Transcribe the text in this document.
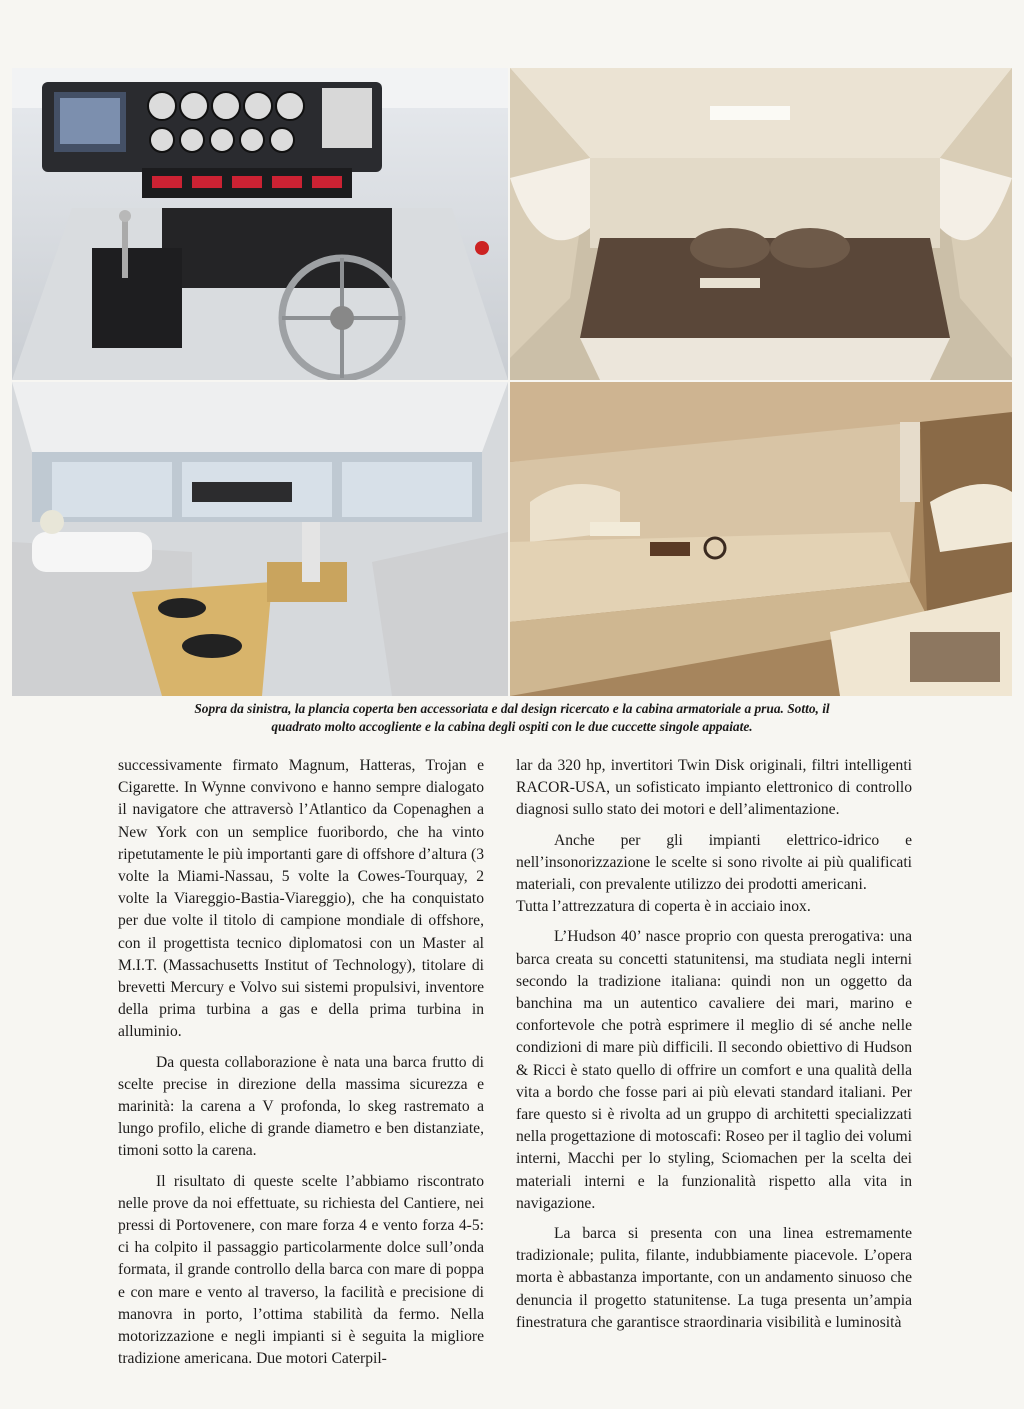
Sopra da sinistra, la plancia coperta ben accessoriata e dal design ricercato e la cabina armatoriale a prua. Sotto, il
quadrato molto accogliente e la cabina degli ospiti con le due cuccette singole appaiate.

successivamente firmato Magnum, Hatteras, Trojan e Cigarette. In Wynne convivono e hanno sempre dialogato il navigatore che attraversò l’Atlantico da Copenaghen a New York con un semplice fuoribordo, che ha vinto ripetutamente le più importanti gare di offshore d’altura (3 volte la Miami-Nassau, 5 volte la Cowes-Tourquay, 2 volte la Viareggio-Bastia-Viareggio), che ha conquistato per due volte il titolo di campione mondiale di offshore, con il progettista tecnico diplomatosi con un Master al M.I.T. (Massachusetts Institut of Technology), titolare di brevetti Mercury e Volvo sui sistemi propulsivi, inventore della prima turbina a gas e della prima turbina in alluminio.

Da questa collaborazione è nata una barca frutto di scelte precise in direzione della massima sicurezza e marinità: la carena a V profonda, lo skeg rastremato a lungo profilo, eliche di grande diametro e ben distanziate, timoni sotto la carena.

Il risultato di queste scelte l’abbiamo riscontrato nelle prove da noi effettuate, su richiesta del Cantiere, nei pressi di Portovenere, con mare forza 4 e vento forza 4-5: ci ha colpito il passaggio particolarmente dolce sull’onda formata, il grande controllo della barca con mare di poppa e con mare e vento al traverso, la facilità e precisione di manovra in porto, l’ottima stabilità da fermo. Nella motorizzazione e negli impianti si è seguita la migliore tradizione americana. Due motori Caterpil-

lar da 320 hp, invertitori Twin Disk originali, filtri intelligenti RACOR-USA, un sofisticato impianto elettronico di controllo diagnosi sullo stato dei motori e dell’alimentazione.

Anche per gli impianti elettrico-idrico e nell’insonorizzazione le scelte si sono rivolte ai più qualificati materiali, con prevalente utilizzo dei prodotti americani.

Tutta l’attrezzatura di coperta è in acciaio inox.

L’Hudson 40’ nasce proprio con questa prerogativa: una barca creata su concetti statunitensi, ma studiata negli interni secondo la tradizione italiana: quindi non un oggetto da banchina ma un autentico cavaliere dei mari, marino e confortevole che potrà esprimere il meglio di sé anche nelle condizioni di mare più difficili. Il secondo obiettivo di Hudson & Ricci è stato quello di offrire un comfort e una qualità della vita a bordo che fosse pari ai più elevati standard italiani. Per fare questo si è rivolta ad un gruppo di architetti specializzati nella progettazione di motoscafi: Roseo per il taglio dei volumi interni, Macchi per lo styling, Sciomachen per la scelta dei materiali interni e la funzionalità rispetto alla vita in navigazione.

La barca si presenta con una linea estremamente tradizionale; pulita, filante, indubbiamente piacevole. L’opera morta è abbastanza importante, con un andamento sinuoso che denuncia il progetto statunitense. La tuga presenta un’ampia finestratura che garantisce straordinaria visibilità e luminosità
